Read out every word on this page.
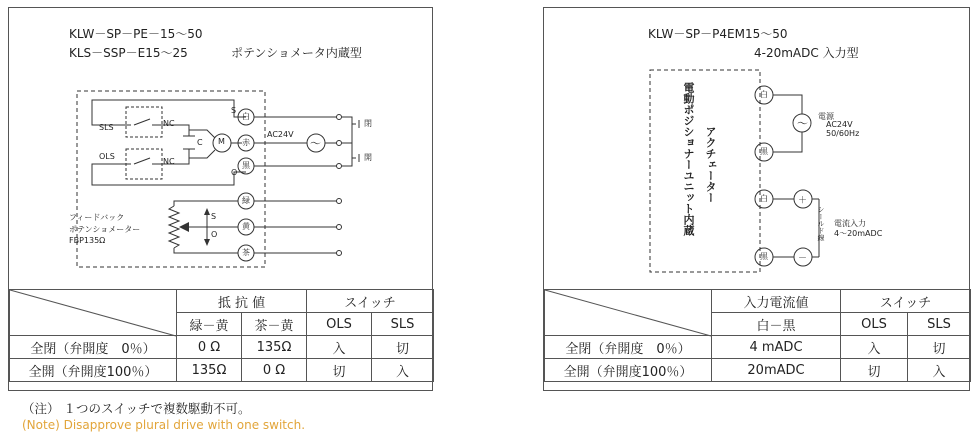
KLW－SP－PE－15～50
KLS－SSP－E15～25	ポテンショメータ内蔵型
SLS
OLS
NC
NC
C M
S
O
白
赤
黒
緑
黄
茶
AC24V
〜
閉
開
フィードバック
ポテンショメーター
FBP135Ω
S
O
	抵 抗 値		スイッチ	
	緑－黄	茶－黄	OLS	SLS
全閉（弁開度　0％）	0 Ω	135Ω	入	切
全開（弁開度100％）	135Ω	0 Ω	切	入
KLW－SP－P4EM15～50
4-20mADC 入力型
電動ポジショナーユニット内蔵 アクチェーター
白
黒
白
黒
〜
＋
－
電源
AC24V
50/60Hz
シールド線 電流入力
4～20mADC
	入力電流値	スイッチ	
	白－黒	OLS	SLS
全閉（弁開度　0％）	4 mADC	入	切
全開（弁開度100％）	20mADC	切	入
（注） １つのスイッチで複数駆動不可。
(Note) Disapprove plural drive with one switch.
